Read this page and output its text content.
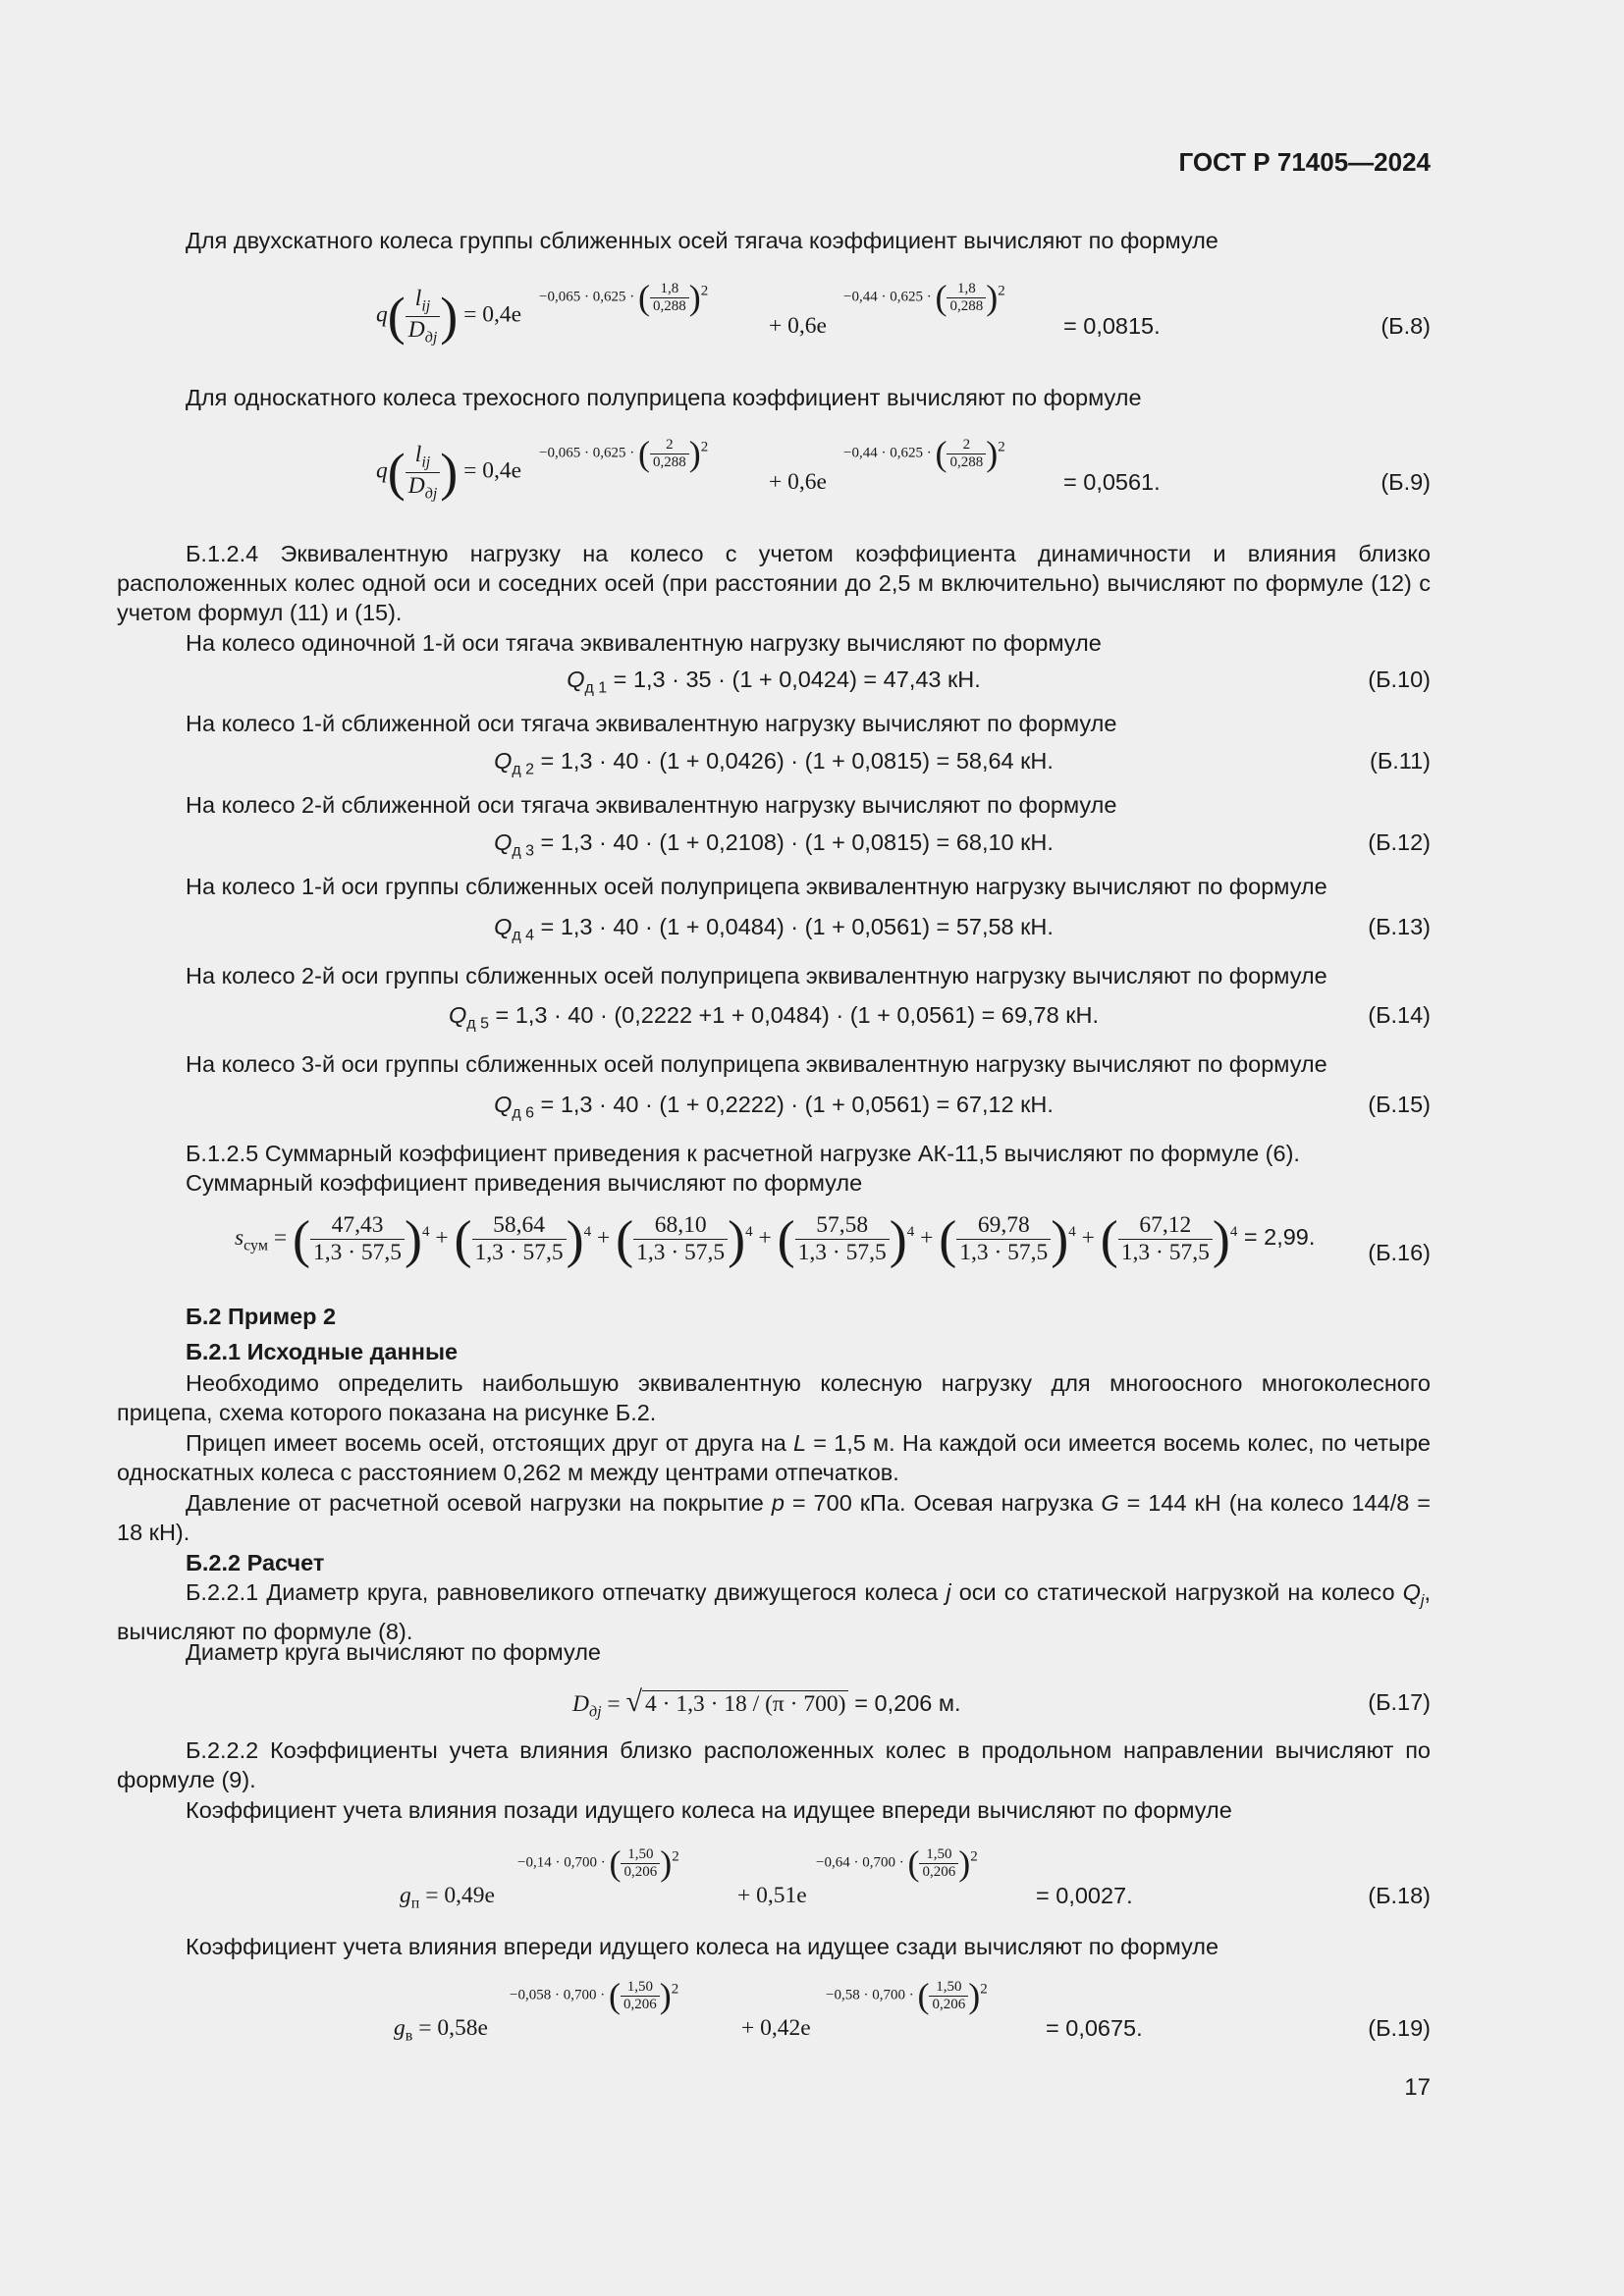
ГОСТ Р 71405—2024
Для двухскатного колеса группы сближенных осей тягача коэффициент вычисляют по формуле
$q( \frac{l_{ij}}{D_{дj}}$ ) = 0,4e
−0,065 · 0,625 · ( $\frac{1,8}{0,288} )2$
+ 0,6e
−0,44 · 0,625 · ( $\frac{1,8}{0,288} )2$
= 0,0815.	(Б.8)
Для односкатного колеса трехосного полуприцепа коэффициент вычисляют по формуле
$q( \frac{l_{ij}}{D_{дj}}$ ) = 0,4e
−0,065 · 0,625 · ( $\frac{2}{0,288} )2$
+ 0,6e
−0,44 · 0,625 · ( $\frac{2}{0,288} )2$
= 0,0561.	(Б.9)
Б.1.2.4 Эквивалентную нагрузку на колесо с учетом коэффициента динамичности и влияния близко расположенных колес одной оси и соседних осей (при расстоянии до 2,5 м включительно) вычисляют по формуле (12) с учетом формул (11) и (15).
На колесо одиночной 1-й оси тягача эквивалентную нагрузку вычисляют по формуле
$Q_{д 1} = 1,3 \cdot 35 \cdot (1 + 0,0424) = 47,43$ кН.	(Б.10)
На колесо 1-й сближенной оси тягача эквивалентную нагрузку вычисляют по формуле
$Q_{д 2} = 1,3 \cdot 40 \cdot (1 + 0,0426) \cdot (1 + 0,0815) = 58,64$ кН.	(Б.11)
На колесо 2-й сближенной оси тягача эквивалентную нагрузку вычисляют по формуле
$Q_{д 3} = 1,3 \cdot 40 \cdot (1 + 0,2108) \cdot (1 + 0,0815) = 68,10$ кН.	(Б.12)
На колесо 1-й оси группы сближенных осей полуприцепа эквивалентную нагрузку вычисляют по формуле
$Q_{д 4} = 1,3 \cdot 40 \cdot (1 + 0,0484) \cdot (1 + 0,0561) = 57,58$ кН.	(Б.13)
На колесо 2-й оси группы сближенных осей полуприцепа эквивалентную нагрузку вычисляют по формуле
$Q_{д 5} = 1,3 \cdot 40 \cdot (0,2222 +1 + 0,0484) \cdot (1 + 0,0561) = 69,78$ кН.	(Б.14)
На колесо 3-й оси группы сближенных осей полуприцепа эквивалентную нагрузку вычисляют по формуле
$Q_{д 6} = 1,3 \cdot 40 \cdot (1 + 0,2222) \cdot (1 + 0,0561) = 67,12$ кН.	(Б.15)
Б.1.2.5 Суммарный коэффициент приведения к расчетной нагрузке АК-11,5 вычисляют по формуле (6).
Суммарный коэффициент приведения вычисляют по формуле
$s_{сум}$ = ( $\frac{47,43}{1,3 \cdot 57,5} )^4$ + ( $\frac{58,64}{1,3 \cdot 57,5} )^4$ + ( $\frac{68,10}{1,3 \cdot 57,5} )^4$ + ( $\frac{57,58}{1,3 \cdot 57,5} )^4$ + ( $\frac{69,78}{1,3 \cdot 57,5} )^4$ + ( $\frac{67,12}{1,3 \cdot 57,5} )^4 = 2,99$.
(Б.16)
Б.2 Пример 2
Б.2.1 Исходные данные
Необходимо определить наибольшую эквивалентную колесную нагрузку для многоосного многоколесного прицепа, схема которого показана на рисунке Б.2.
Прицеп имеет восемь осей, отстоящих друг от друга на L = 1,5 м. На каждой оси имеется восемь колес, по четыре односкатных колеса с расстоянием 0,262 м между центрами отпечатков.
Давление от расчетной осевой нагрузки на покрытие p = 700 кПа. Осевая нагрузка G = 144 кН (на колесо 144/8 = 18 кН).
Б.2.2 Расчет
Б.2.2.1 Диаметр круга, равновеликого отпечатку движущегося колеса j оси со статической нагрузкой на колесо $Q_j$, вычисляют по формуле (8).
Диаметр круга вычисляют по формуле
$D_{дj}$ = √ 4 · 1,3 · 18 / (π · 700) = 0,206 м.	(Б.17)
Б.2.2.2 Коэффициенты учета влияния близко расположенных колес в продольном направлении вычисляют по формуле (9).
Коэффициент учета влияния позади идущего колеса на идущее впереди вычисляют по формуле
$g_п = 0,49e$
−0,14 · 0,700 · ( $\frac{1,50}{0,206} )2$
+ 0,51e
−0,64 · 0,700 · ( $\frac{1,50}{0,206} )2$
= 0,0027.	(Б.18)
Коэффициент учета влияния впереди идущего колеса на идущее сзади вычисляют по формуле
$g_в = 0,58e$
−0,058 · 0,700 · ( $\frac{1,50}{0,206} )2$
+ 0,42e
−0,58 · 0,700 · ( $\frac{1,50}{0,206} )2$
= 0,0675.	(Б.19)
17
